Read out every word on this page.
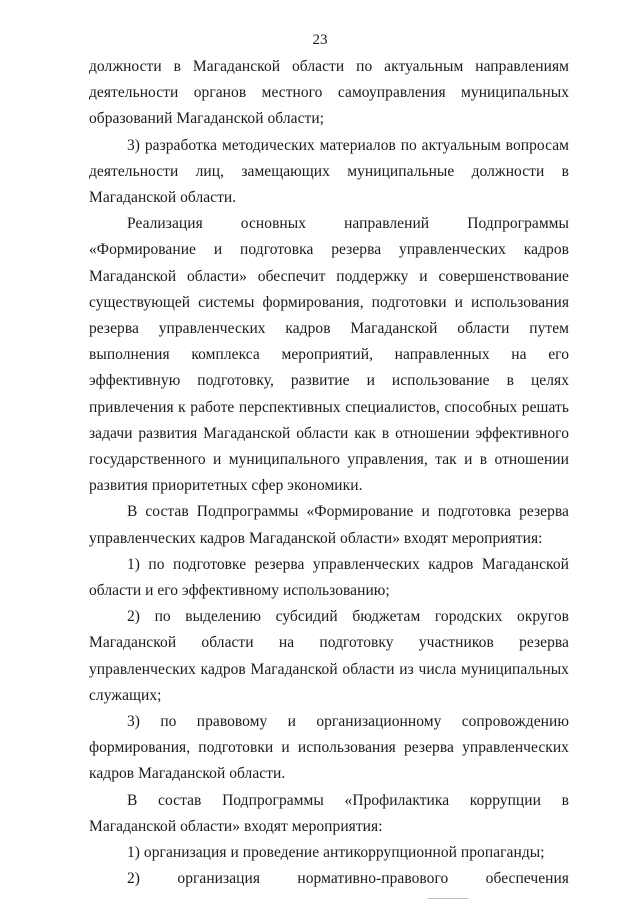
23

должности в Магаданской области по актуальным направлениям деятельности органов местного самоуправления муниципальных образований Магаданской области;

3) разработка методических материалов по актуальным вопросам деятельности лиц, замещающих муниципальные должности в Магаданской области.

Реализация основных направлений Подпрограммы «Формирование и подготовка резерва управленческих кадров Магаданской области» обеспечит поддержку и совершенствование существующей системы формирования, подготовки и использования резерва управленческих кадров Магаданской области путем выполнения комплекса мероприятий, направленных на его эффективную подготовку, развитие и использование в целях привлечения к работе перспективных специалистов, способных решать задачи развития Магаданской области как в отношении эффективного государственного и муниципального управления, так и в отношении развития приоритетных сфер экономики.

В состав Подпрограммы «Формирование и подготовка резерва управленческих кадров Магаданской области» входят мероприятия:

1) по подготовке резерва управленческих кадров Магаданской области и его эффективному использованию;

2) по выделению субсидий бюджетам городских округов Магаданской области на подготовку участников резерва управленческих кадров Магаданской области из числа муниципальных служащих;

3) по правовому и организационному сопровождению формирования, подготовки и использования резерва управленческих кадров Магаданской области.

В состав Подпрограммы «Профилактика коррупции в Магаданской области» входят мероприятия:

1) организация и проведение антикоррупционной пропаганды;

2) организация нормативно-правового обеспечения
